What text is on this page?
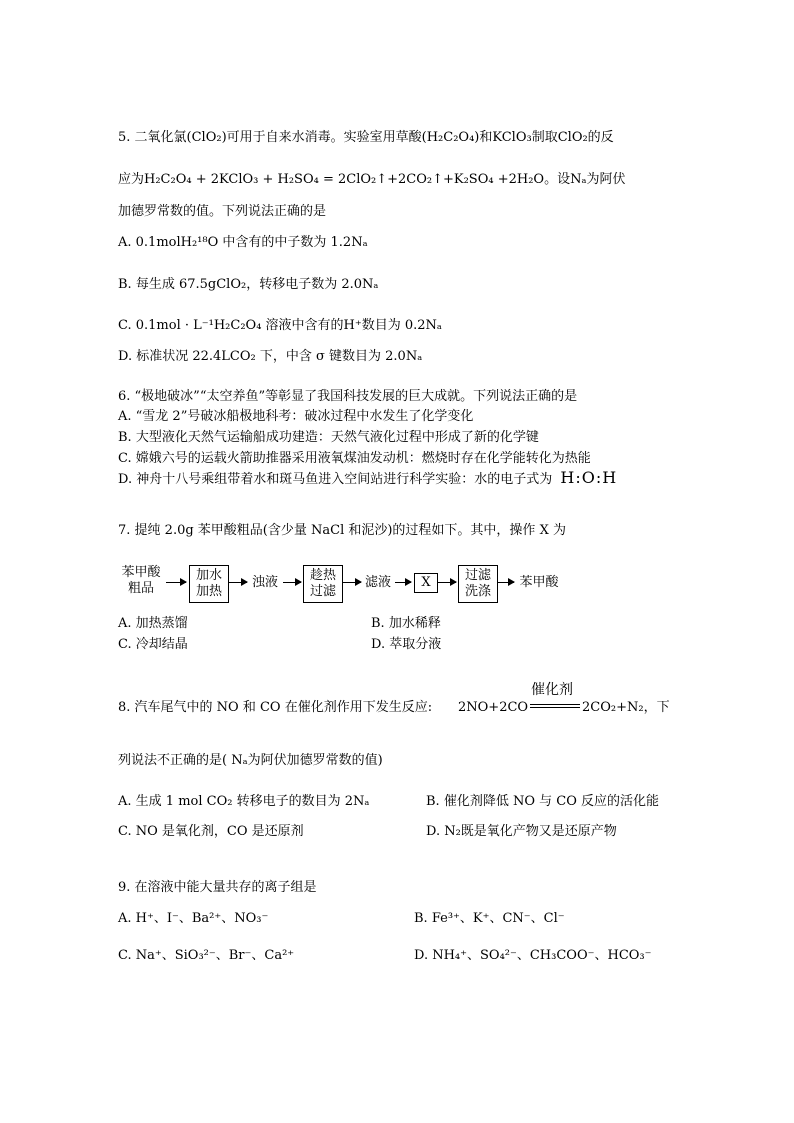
5. 二氧化氯(ClO₂)可用于自来水消毒。实验室用草酸(H₂C₂O₄)和KClO₃制取ClO₂的反
应为H₂C₂O₄ + 2KClO₃ + H₂SO₄ = 2ClO₂↑+2CO₂↑+K₂SO₄ +2H₂O。设Nₐ为阿伏
加德罗常数的值。下列说法正确的是
A. 0.1molH₂¹⁸O 中含有的中子数为 1.2Nₐ
B. 每生成 67.5gClO₂，转移电子数为 2.0Nₐ
C. 0.1mol · L⁻¹H₂C₂O₄ 溶液中含有的H⁺数目为 0.2Nₐ
D. 标准状况 22.4LCO₂ 下，中含 σ 键数目为 2.0Nₐ
6. “极地破冰”“太空养鱼”等彰显了我国科技发展的巨大成就。下列说法正确的是
A. “雪龙 2”号破冰船极地科考：破冰过程中水发生了化学变化
B. 大型液化天然气运输船成功建造：天然气液化过程中形成了新的化学键
C. 嫦娥六号的运载火箭助推器采用液氧煤油发动机：燃烧时存在化学能转化为热能
D. 神舟十八号乘组带着水和斑马鱼进入空间站进行科学实验：水的电子式为 H:O:H
7. 提纯 2.0g 苯甲酸粗品(含少量 NaCl 和泥沙)的过程如下。其中，操作 X 为
苯甲酸
粗品
加水
加热
浊液	趁热
过滤
滤液	X	过滤
洗涤
苯甲酸
A. 加热蒸馏	B. 加水稀释
C. 冷却结晶	D. 萃取分液
8. 汽车尾气中的 NO 和 CO 在催化剂作用下发生反应: 2NO+2CO
催化剂
2CO₂+N₂，下
列说法不正确的是( Nₐ为阿伏加德罗常数的值)
A. 生成 1 mol CO₂ 转移电子的数目为 2Nₐ	B. 催化剂降低 NO 与 CO 反应的活化能
C. NO 是氧化剂，CO 是还原剂	D. N₂既是氧化产物又是还原产物
9. 在溶液中能大量共存的离子组是
A. H⁺、I⁻、Ba²⁺、NO₃⁻	B. Fe³⁺、K⁺、CN⁻、Cl⁻
C. Na⁺、SiO₃²⁻、Br⁻、Ca²⁺	D. NH₄⁺、SO₄²⁻、CH₃COO⁻、HCO₃⁻
